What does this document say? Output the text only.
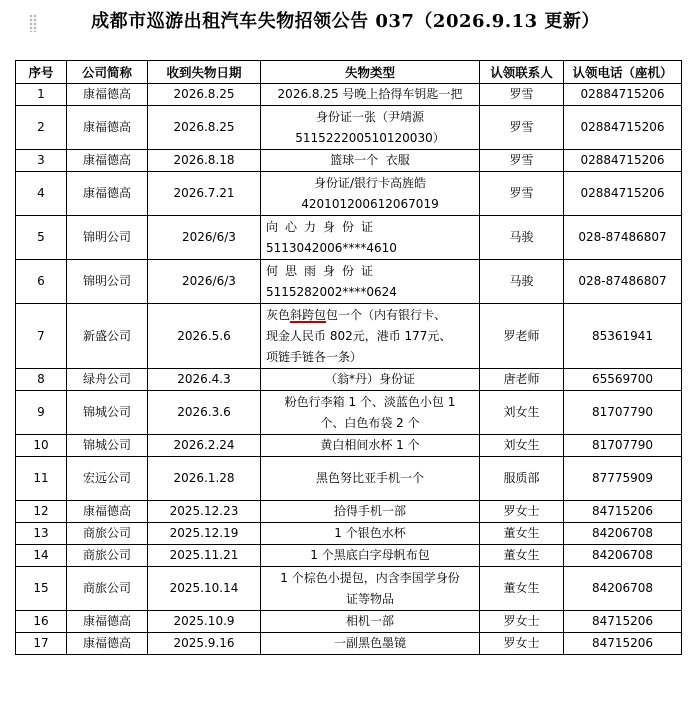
成都市巡游出租汽车失物招领公告 037（2026.9.13 更新）
序号	公司简称	收到失物日期	失物类型	认领联系人	认领电话（座机）
1	康福德高	2026.8.25	2026.8.25 号晚上拾得车钥匙一把	罗雪	02884715206
2	康福德高	2026.8.25	身份证一张（尹靖源
511522200510120030）	罗雪	02884715206
3	康福德高	2026.8.18	篮球一个  衣服	罗雪	02884715206
4	康福德高	2026.7.21	身份证/银行卡高旌皓
420101200612067019	罗雪	02884715206
5	锦明公司	2026/6/3	向心力身份证
5113042006****4610	马骏	028-87486807
6	锦明公司	2026/6/3	何思雨身份证
5115282002****0624	马骏	028-87486807
7	新盛公司	2026.5.6	灰色斜跨包包一个（内有银行卡、
现金人民币 802元，港币 177元、
项链手链各一条）	罗老师	85361941
8	绿舟公司	2026.4.3	（翁*丹）身份证	唐老师	65569700
9	锦城公司	2026.3.6	粉色行李箱 1 个、淡蓝色小包 1
个、白色布袋 2 个	刘女生	81707790
10	锦城公司	2026.2.24	黄白相间水杯 1 个	刘女生	81707790
11	宏远公司	2026.1.28	黑色努比亚手机一个	服质部	87775909
12	康福德高	2025.12.23	拾得手机一部	罗女士	84715206
13	商旅公司	2025.12.19	1 个银色水杯	董女生	84206708
14	商旅公司	2025.11.21	1 个黑底白字母帆布包	董女生	84206708
15	商旅公司	2025.10.14	1 个棕色小提包，内含李国学身份
证等物品	董女生	84206708
16	康福德高	2025.10.9	相机一部	罗女士	84715206
17	康福德高	2025.9.16	一副黑色墨镜	罗女士	84715206
